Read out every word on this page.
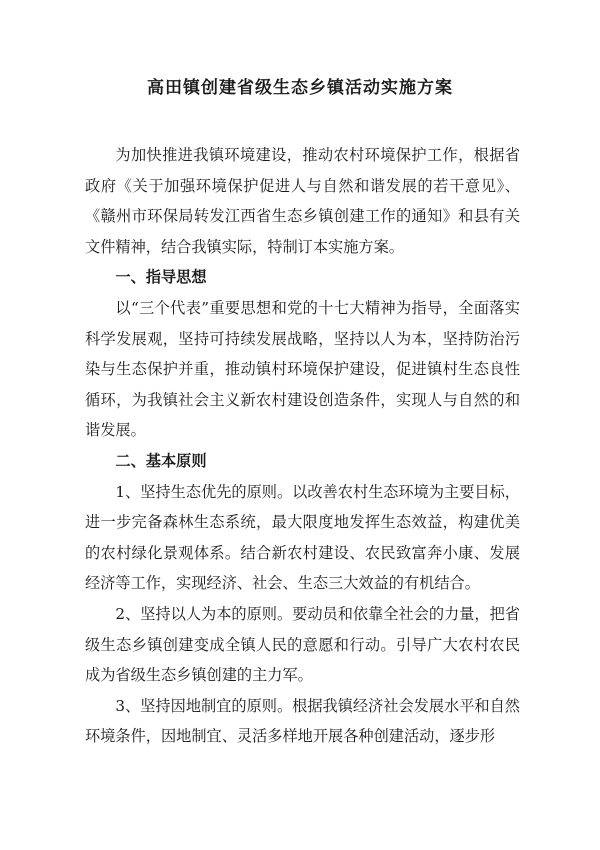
高田镇创建省级生态乡镇活动实施方案

为加快推进我镇环境建设，推动农村环境保护工作，根据省政府《关于加强环境保护促进人与自然和谐发展的若干意见》、《赣州市环保局转发江西省生态乡镇创建工作的通知》和县有关文件精神，结合我镇实际，特制订本实施方案。

一、指导思想

以“三个代表”重要思想和党的十七大精神为指导，全面落实科学发展观，坚持可持续发展战略，坚持以人为本，坚持防治污染与生态保护并重，推动镇村环境保护建设，促进镇村生态良性循环，为我镇社会主义新农村建设创造条件，实现人与自然的和谐发展。

二、基本原则

1、坚持生态优先的原则。以改善农村生态环境为主要目标，进一步完备森林生态系统，最大限度地发挥生态效益，构建优美的农村绿化景观体系。结合新农村建设、农民致富奔小康、发展经济等工作，实现经济、社会、生态三大效益的有机结合。

2、坚持以人为本的原则。要动员和依靠全社会的力量，把省级生态乡镇创建变成全镇人民的意愿和行动。引导广大农村农民成为省级生态乡镇创建的主力军。

3、坚持因地制宜的原则。根据我镇经济社会发展水平和自然环境条件，因地制宜、灵活多样地开展各种创建活动，逐步形
